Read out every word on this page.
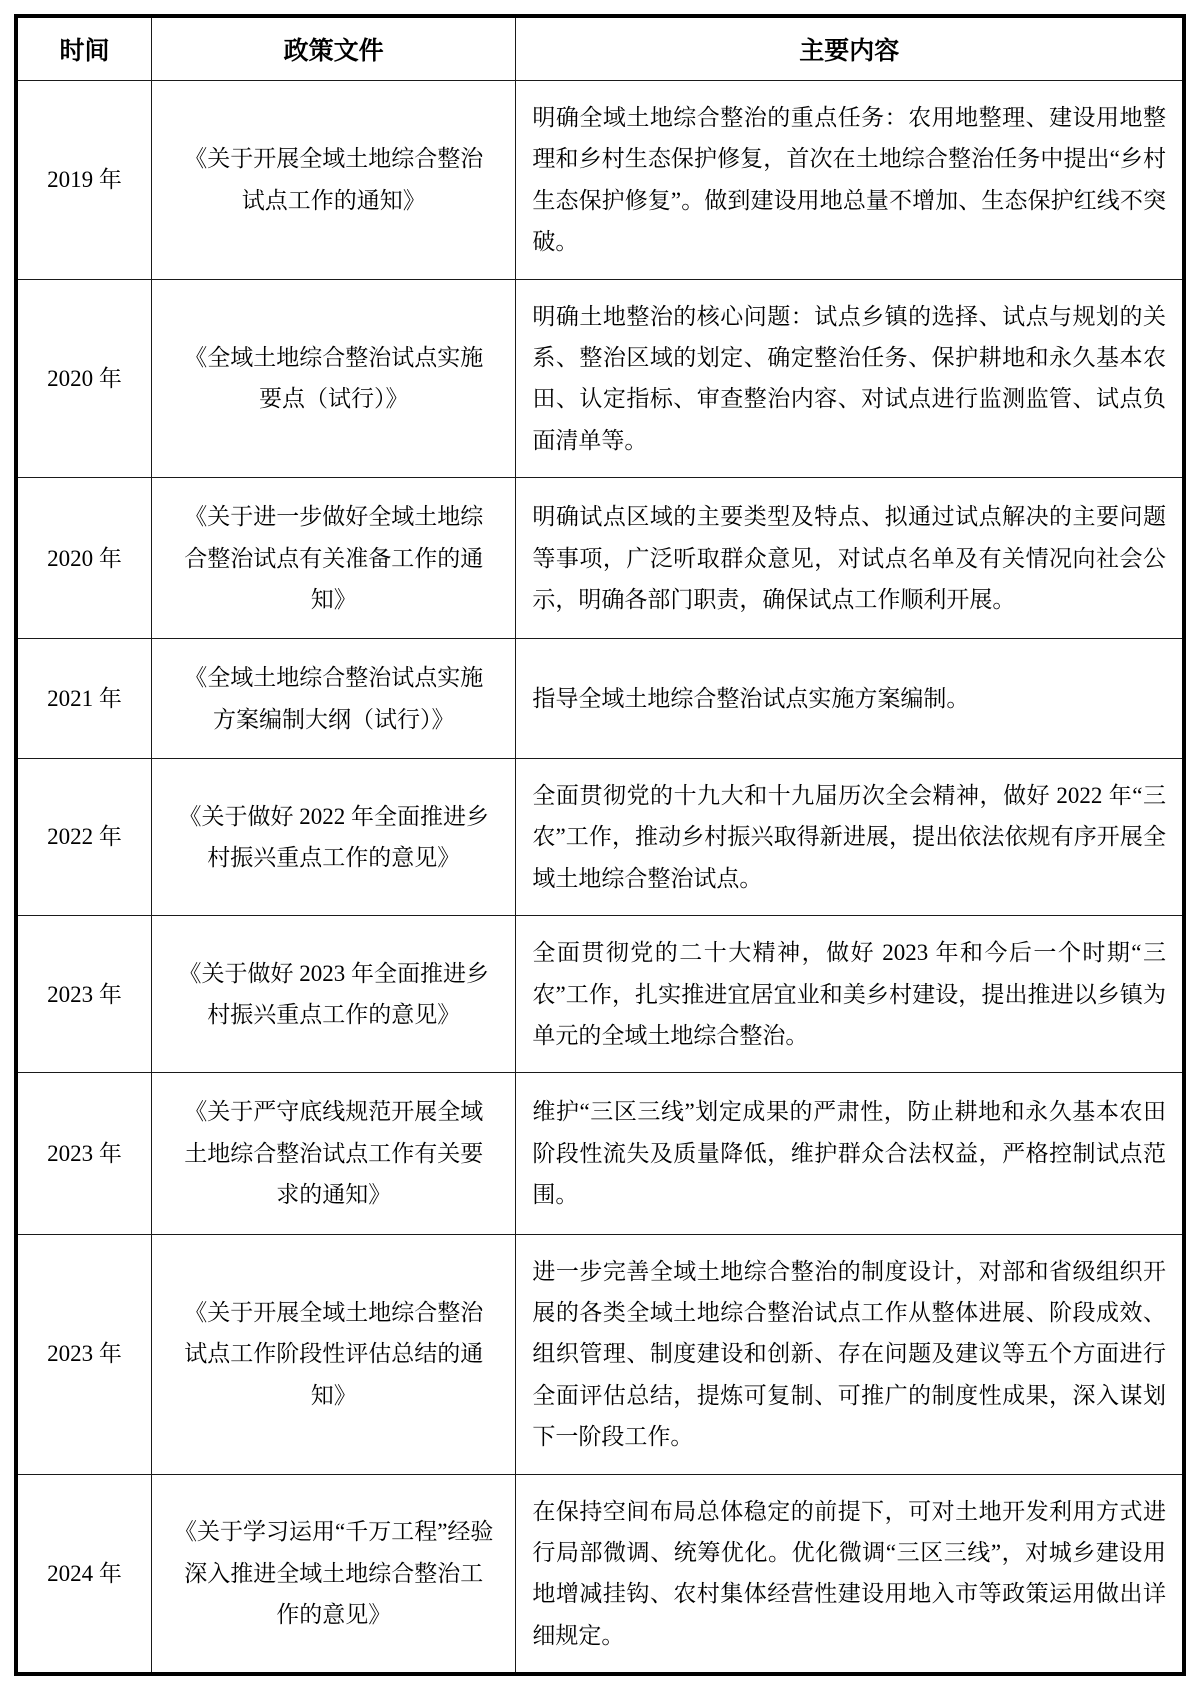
时间	政策文件	主要内容
2019 年	《关于开展全域土地综合整治试点工作的通知》	明确全域土地综合整治的重点任务：农用地整理、建设用地整理和乡村生态保护修复，首次在土地综合整治任务中提出“乡村生态保护修复”。做到建设用地总量不增加、生态保护红线不突破。
2020 年	《全域土地综合整治试点实施要点（试行）》	明确土地整治的核心问题：试点乡镇的选择、试点与规划的关系、整治区域的划定、确定整治任务、保护耕地和永久基本农田、认定指标、审查整治内容、对试点进行监测监管、试点负面清单等。
2020 年	《关于进一步做好全域土地综合整治试点有关准备工作的通知》	明确试点区域的主要类型及特点、拟通过试点解决的主要问题等事项，广泛听取群众意见，对试点名单及有关情况向社会公示，明确各部门职责，确保试点工作顺利开展。
2021 年	《全域土地综合整治试点实施方案编制大纲（试行）》	指导全域土地综合整治试点实施方案编制。
2022 年	《关于做好 2022 年全面推进乡村振兴重点工作的意见》	全面贯彻党的十九大和十九届历次全会精神，做好 2022 年“三农”工作，推动乡村振兴取得新进展，提出依法依规有序开展全域土地综合整治试点。
2023 年	《关于做好 2023 年全面推进乡村振兴重点工作的意见》	全面贯彻党的二十大精神，做好 2023 年和今后一个时期“三农”工作，扎实推进宜居宜业和美乡村建设，提出推进以乡镇为单元的全域土地综合整治。
2023 年	《关于严守底线规范开展全域土地综合整治试点工作有关要求的通知》	维护“三区三线”划定成果的严肃性，防止耕地和永久基本农田阶段性流失及质量降低，维护群众合法权益，严格控制试点范围。
2023 年	《关于开展全域土地综合整治试点工作阶段性评估总结的通知》	进一步完善全域土地综合整治的制度设计，对部和省级组织开展的各类全域土地综合整治试点工作从整体进展、阶段成效、组织管理、制度建设和创新、存在问题及建议等五个方面进行全面评估总结，提炼可复制、可推广的制度性成果，深入谋划下一阶段工作。
2024 年	《关于学习运用“千万工程”经验深入推进全域土地综合整治工作的意见》	在保持空间布局总体稳定的前提下，可对土地开发利用方式进行局部微调、统筹优化。优化微调“三区三线”，对城乡建设用地增减挂钩、农村集体经营性建设用地入市等政策运用做出详细规定。
